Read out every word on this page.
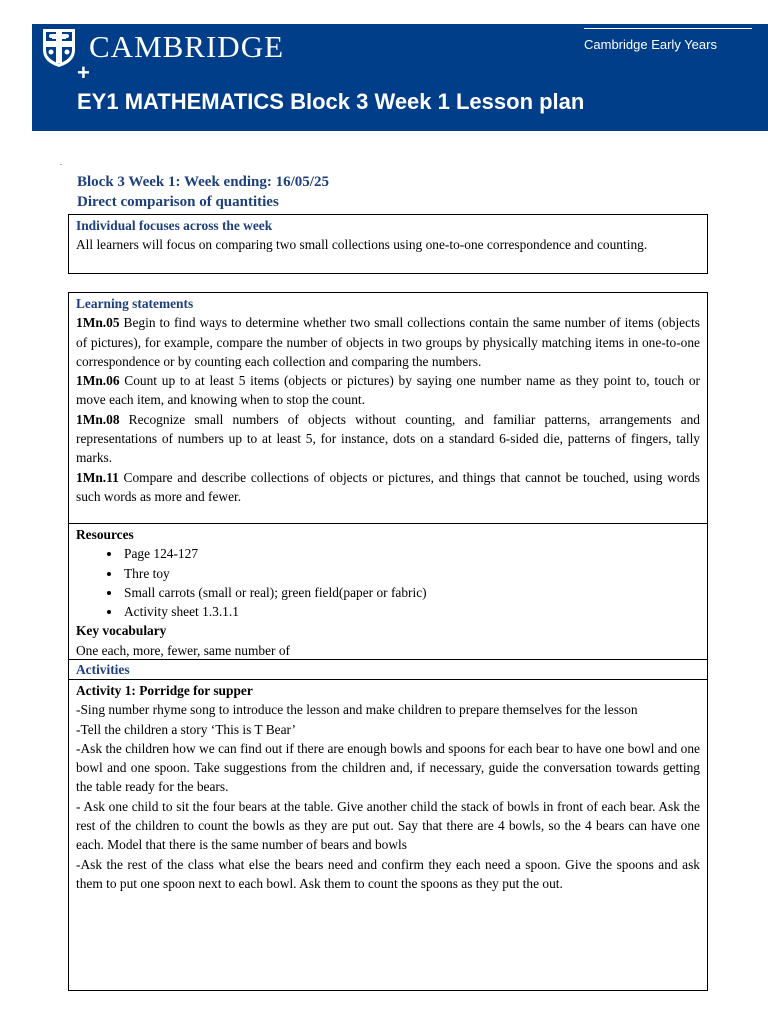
CAMBRIDGE	Cambridge Early Years
+
EY1 MATHEMATICS Block 3 Week 1 Lesson plan
.
Block 3 Week 1: Week ending: 16/05/25
Direct comparison of quantities
Individual focuses across the week
All learners will focus on comparing two small collections using one-to-one correspondence and counting.
Learning statements
1Mn.05 Begin to find ways to determine whether two small collections contain the same number of items (objects of pictures), for example, compare the number of objects in two groups by physically matching items in one-to-one correspondence or by counting each collection and comparing the numbers.
1Mn.06 Count up to at least 5 items (objects or pictures) by saying one number name as they point to, touch or move each item, and knowing when to stop the count.
1Mn.08 Recognize small numbers of objects without counting, and familiar patterns, arrangements and representations of numbers up to at least 5, for instance, dots on a standard 6-sided die, patterns of fingers, tally marks.
1Mn.11 Compare and describe collections of objects or pictures, and things that cannot be touched, using words such words as more and fewer.
Resources
• Page 124-127
• Thre toy
• Small carrots (small or real); green field(paper or fabric)
• Activity sheet 1.3.1.1
Key vocabulary
One each, more, fewer, same number of
Activities
Activity 1: Porridge for supper
-Sing number rhyme song to introduce the lesson and make children to prepare themselves for the lesson
-Tell the children a story ‘This is T Bear’
-Ask the children how we can find out if there are enough bowls and spoons for each bear to have one bowl and one bowl and one spoon. Take suggestions from the children and, if necessary, guide the conversation towards getting the table ready for the bears.
- Ask one child to sit the four bears at the table. Give another child the stack of bowls in front of each bear. Ask the rest of the children to count the bowls as they are put out. Say that there are 4 bowls, so the 4 bears can have one each. Model that there is the same number of bears and bowls
-Ask the rest of the class what else the bears need and confirm they each need a spoon. Give the spoons and ask them to put one spoon next to each bowl. Ask them to count the spoons as they put the out.
